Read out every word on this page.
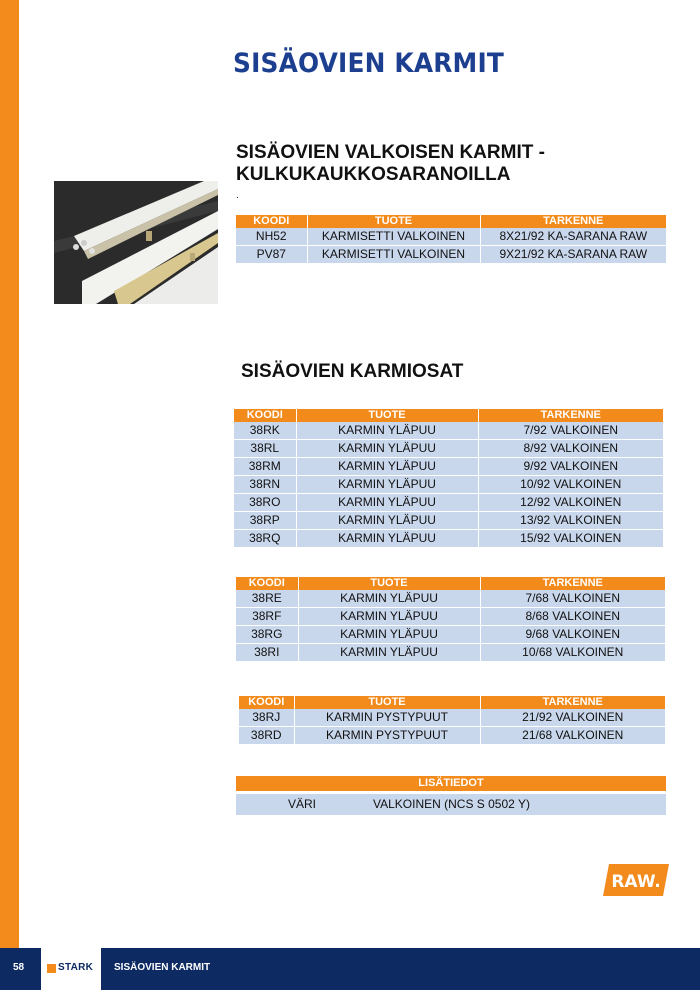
SISÄOVIEN KARMIT
SISÄOVIEN VALKOISEN KARMIT -
KULKUKAUKKOSARANOILLA
.
KOODI	TUOTE	TARKENNE
NH52	KARMISETTI VALKOINEN	8X21/92 KA-SARANA RAW
PV87	KARMISETTI VALKOINEN	9X21/92 KA-SARANA RAW
SISÄOVIEN KARMIOSAT
KOODI	TUOTE	TARKENNE
38RK	KARMIN YLÄPUU	7/92 VALKOINEN
38RL	KARMIN YLÄPUU	8/92 VALKOINEN
38RM	KARMIN YLÄPUU	9/92 VALKOINEN
38RN	KARMIN YLÄPUU	10/92 VALKOINEN
38RO	KARMIN YLÄPUU	12/92 VALKOINEN
38RP	KARMIN YLÄPUU	13/92 VALKOINEN
38RQ	KARMIN YLÄPUU	15/92 VALKOINEN
KOODI	TUOTE	TARKENNE
38RE	KARMIN YLÄPUU	7/68 VALKOINEN
38RF	KARMIN YLÄPUU	8/68 VALKOINEN
38RG	KARMIN YLÄPUU	9/68 VALKOINEN
38RI	KARMIN YLÄPUU	10/68 VALKOINEN
KOODI	TUOTE	TARKENNE
38RJ	KARMIN PYSTYPUUT	21/92 VALKOINEN
38RD	KARMIN PYSTYPUUT	21/68 VALKOINEN
LISÄTIEDOT
VÄRI	VALKOINEN (NCS S 0502 Y)
RAW.
58	SISÄOVIEN KARMIT
STARK
